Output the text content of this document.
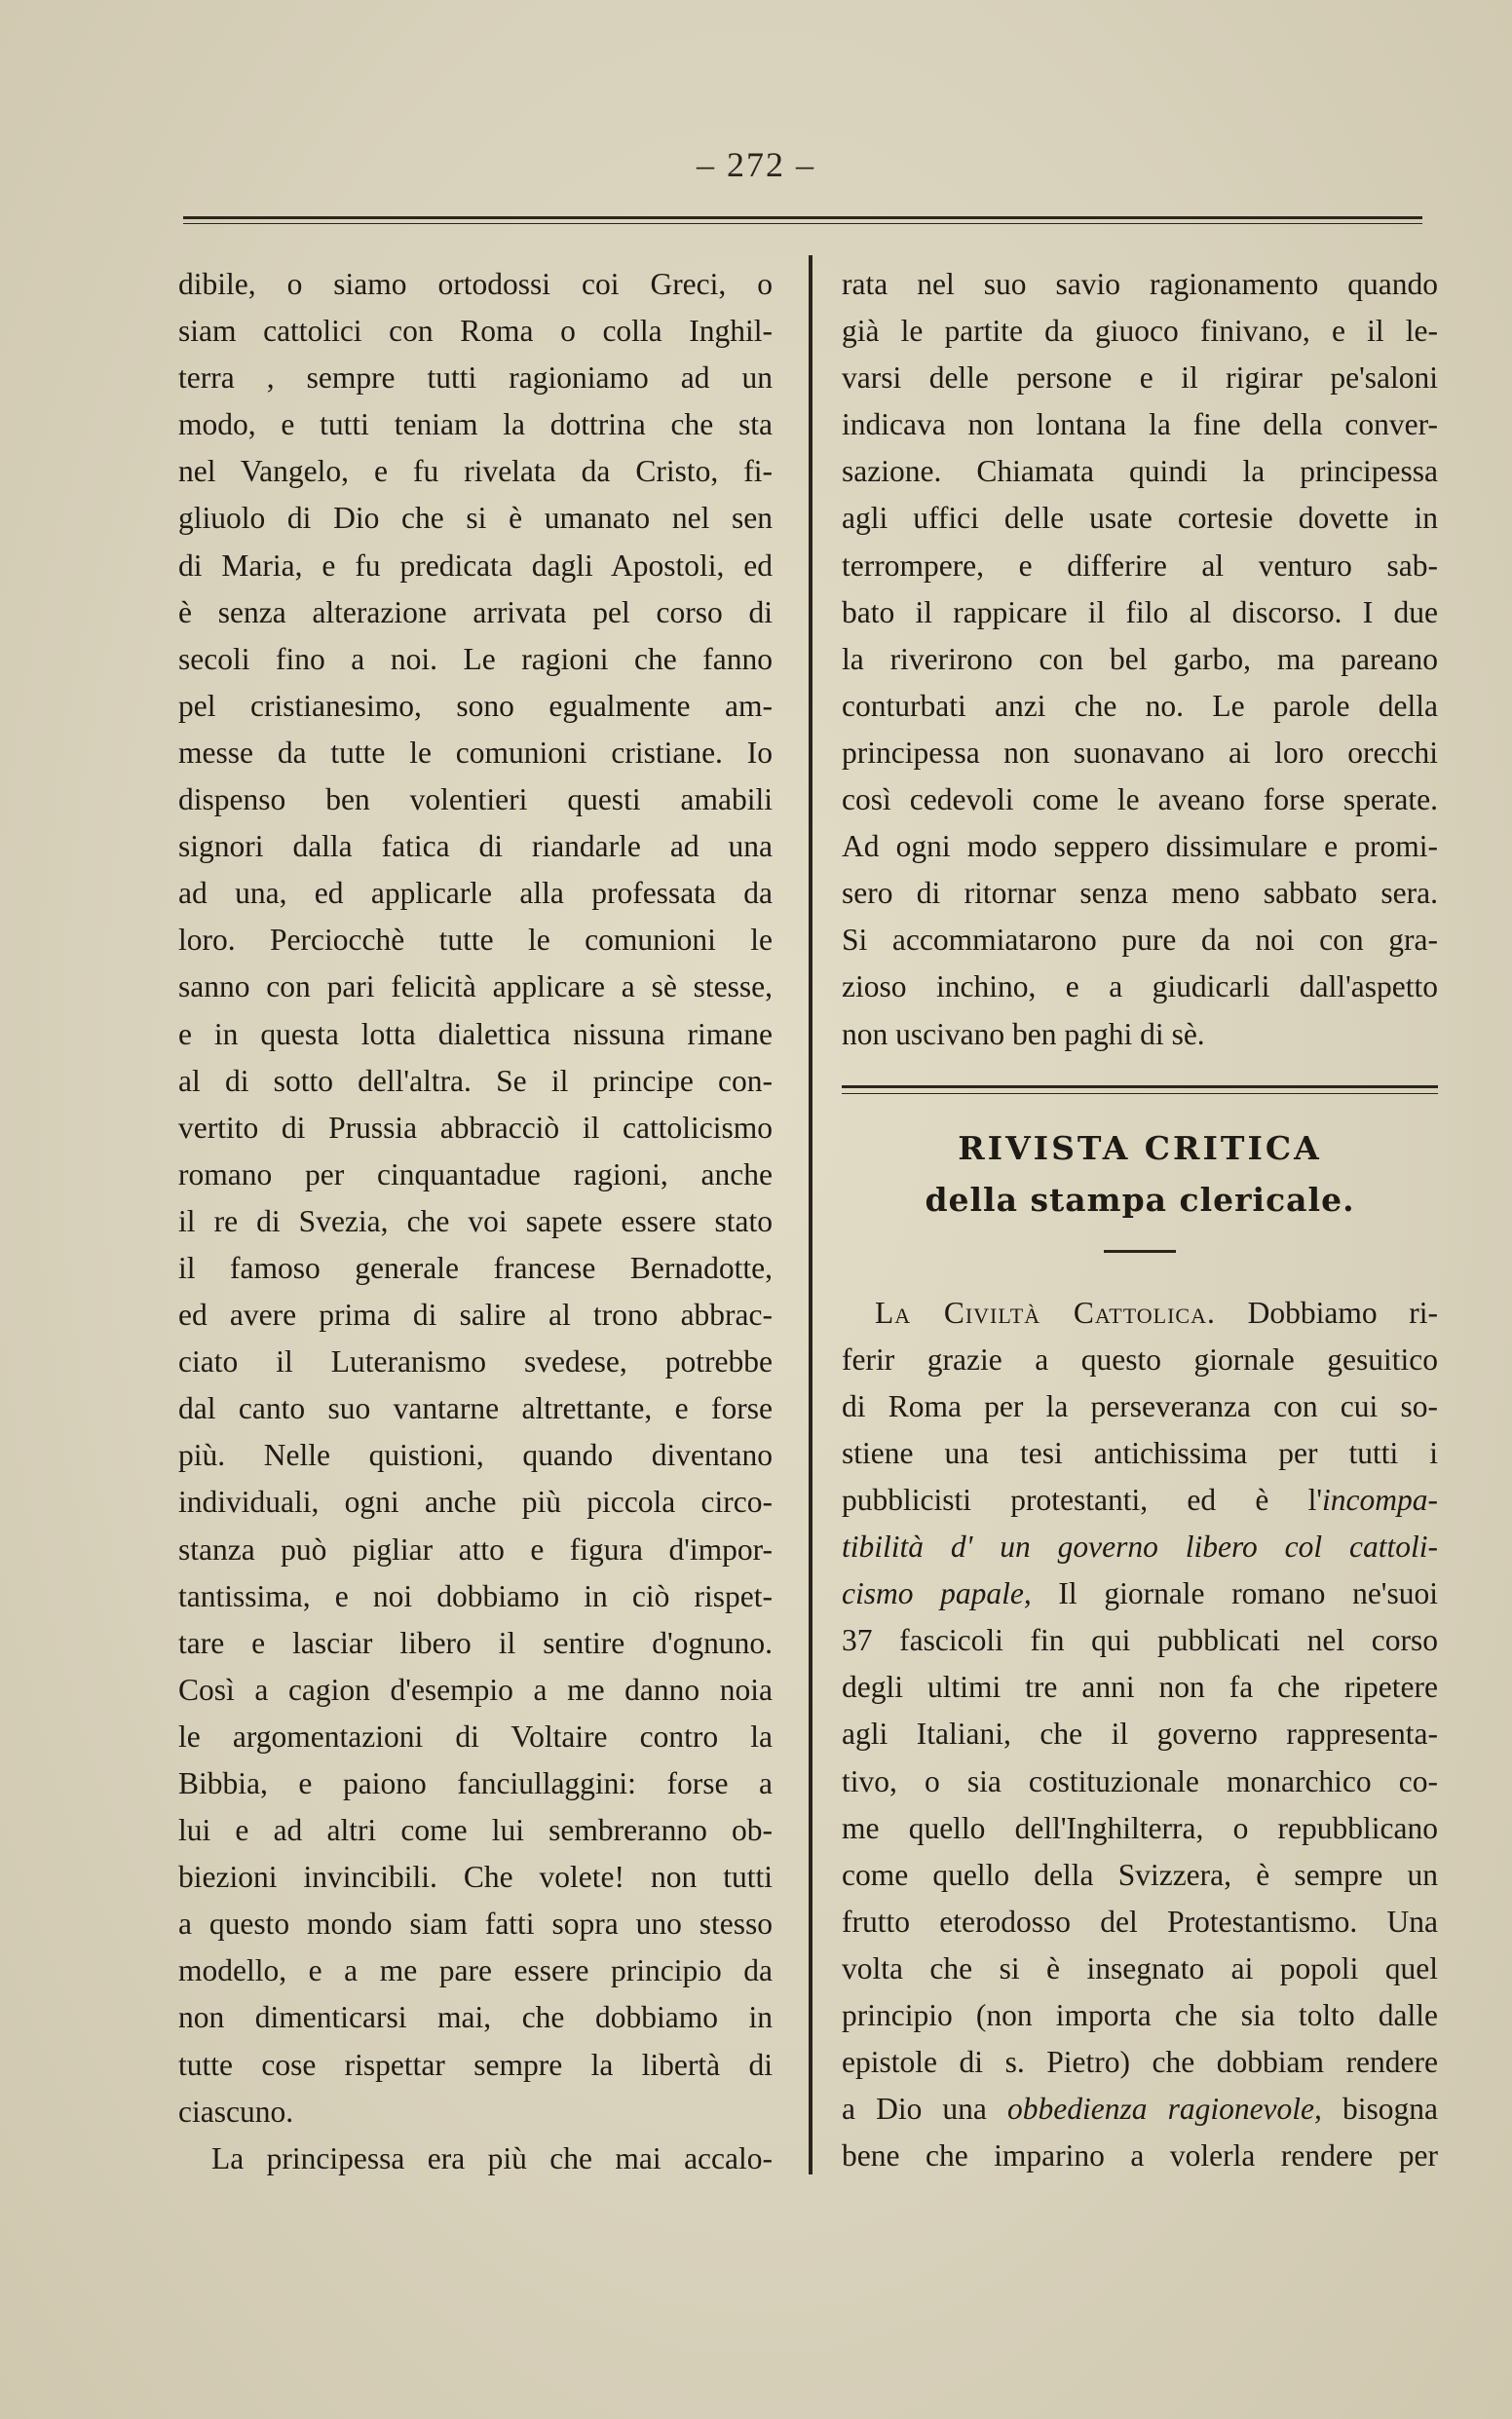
– 272 –
dibile, o siamo ortodossi coi Greci, o
siam cattolici con Roma o colla Inghil-
terra , sempre tutti ragioniamo ad un
modo, e tutti teniam la dottrina che sta
nel Vangelo, e fu rivelata da Cristo, fi-
gliuolo di Dio che si è umanato nel sen
di Maria, e fu predicata dagli Apostoli, ed
è senza alterazione arrivata pel corso di
secoli fino a noi. Le ragioni che fanno
pel cristianesimo, sono egualmente am-
messe da tutte le comunioni cristiane. Io
dispenso ben volentieri questi amabili
signori dalla fatica di riandarle ad una
ad una, ed applicarle alla professata da
loro. Perciocchè tutte le comunioni le
sanno con pari felicità applicare a sè stesse,
e in questa lotta dialettica nissuna rimane
al di sotto dell'altra. Se il principe con-
vertito di Prussia abbracciò il cattolicismo
romano per cinquantadue ragioni, anche
il re di Svezia, che voi sapete essere stato
il famoso generale francese Bernadotte,
ed avere prima di salire al trono abbrac-
ciato il Luteranismo svedese, potrebbe
dal canto suo vantarne altrettante, e forse
più. Nelle quistioni, quando diventano
individuali, ogni anche più piccola circo-
stanza può pigliar atto e figura d'impor-
tantissima, e noi dobbiamo in ciò rispet-
tare e lasciar libero il sentire d'ognuno.
Così a cagion d'esempio a me danno noia
le argomentazioni di Voltaire contro la
Bibbia, e paiono fanciullaggini: forse a
lui e ad altri come lui sembreranno ob-
biezioni invincibili. Che volete! non tutti
a questo mondo siam fatti sopra uno stesso
modello, e a me pare essere principio da
non dimenticarsi mai, che dobbiamo in
tutte cose rispettar sempre la libertà di
ciascuno.
La principessa era più che mai accalo-
rata nel suo savio ragionamento quando
già le partite da giuoco finivano, e il le-
varsi delle persone e il rigirar pe'saloni
indicava non lontana la fine della conver-
sazione. Chiamata quindi la principessa
agli uffici delle usate cortesie dovette in
terrompere, e differire al venturo sab-
bato il rappicare il filo al discorso. I due
la riverirono con bel garbo, ma pareano
conturbati anzi che no. Le parole della
principessa non suonavano ai loro orecchi
così cedevoli come le aveano forse sperate.
Ad ogni modo seppero dissimulare e promi-
sero di ritornar senza meno sabbato sera.
Si accommiatarono pure da noi con gra-
zioso inchino, e a giudicarli dall'aspetto
non uscivano ben paghi di sè.
RIVISTA CRITICA
della stampa clericale.
La Civiltà Cattolica. Dobbiamo ri-
ferir grazie a questo giornale gesuitico
di Roma per la perseveranza con cui so-
stiene una tesi antichissima per tutti i
pubblicisti protestanti, ed è l'incompa-
tibilità d' un governo libero col cattoli-
cismo papale, Il giornale romano ne'suoi
37 fascicoli fin qui pubblicati nel corso
degli ultimi tre anni non fa che ripetere
agli Italiani, che il governo rappresenta-
tivo, o sia costituzionale monarchico co-
me quello dell'Inghilterra, o repubblicano
come quello della Svizzera, è sempre un
frutto eterodosso del Protestantismo. Una
volta che si è insegnato ai popoli quel
principio (non importa che sia tolto dalle
epistole di s. Pietro) che dobbiam rendere
a Dio una obbedienza ragionevole, bisogna
bene che imparino a volerla rendere per
